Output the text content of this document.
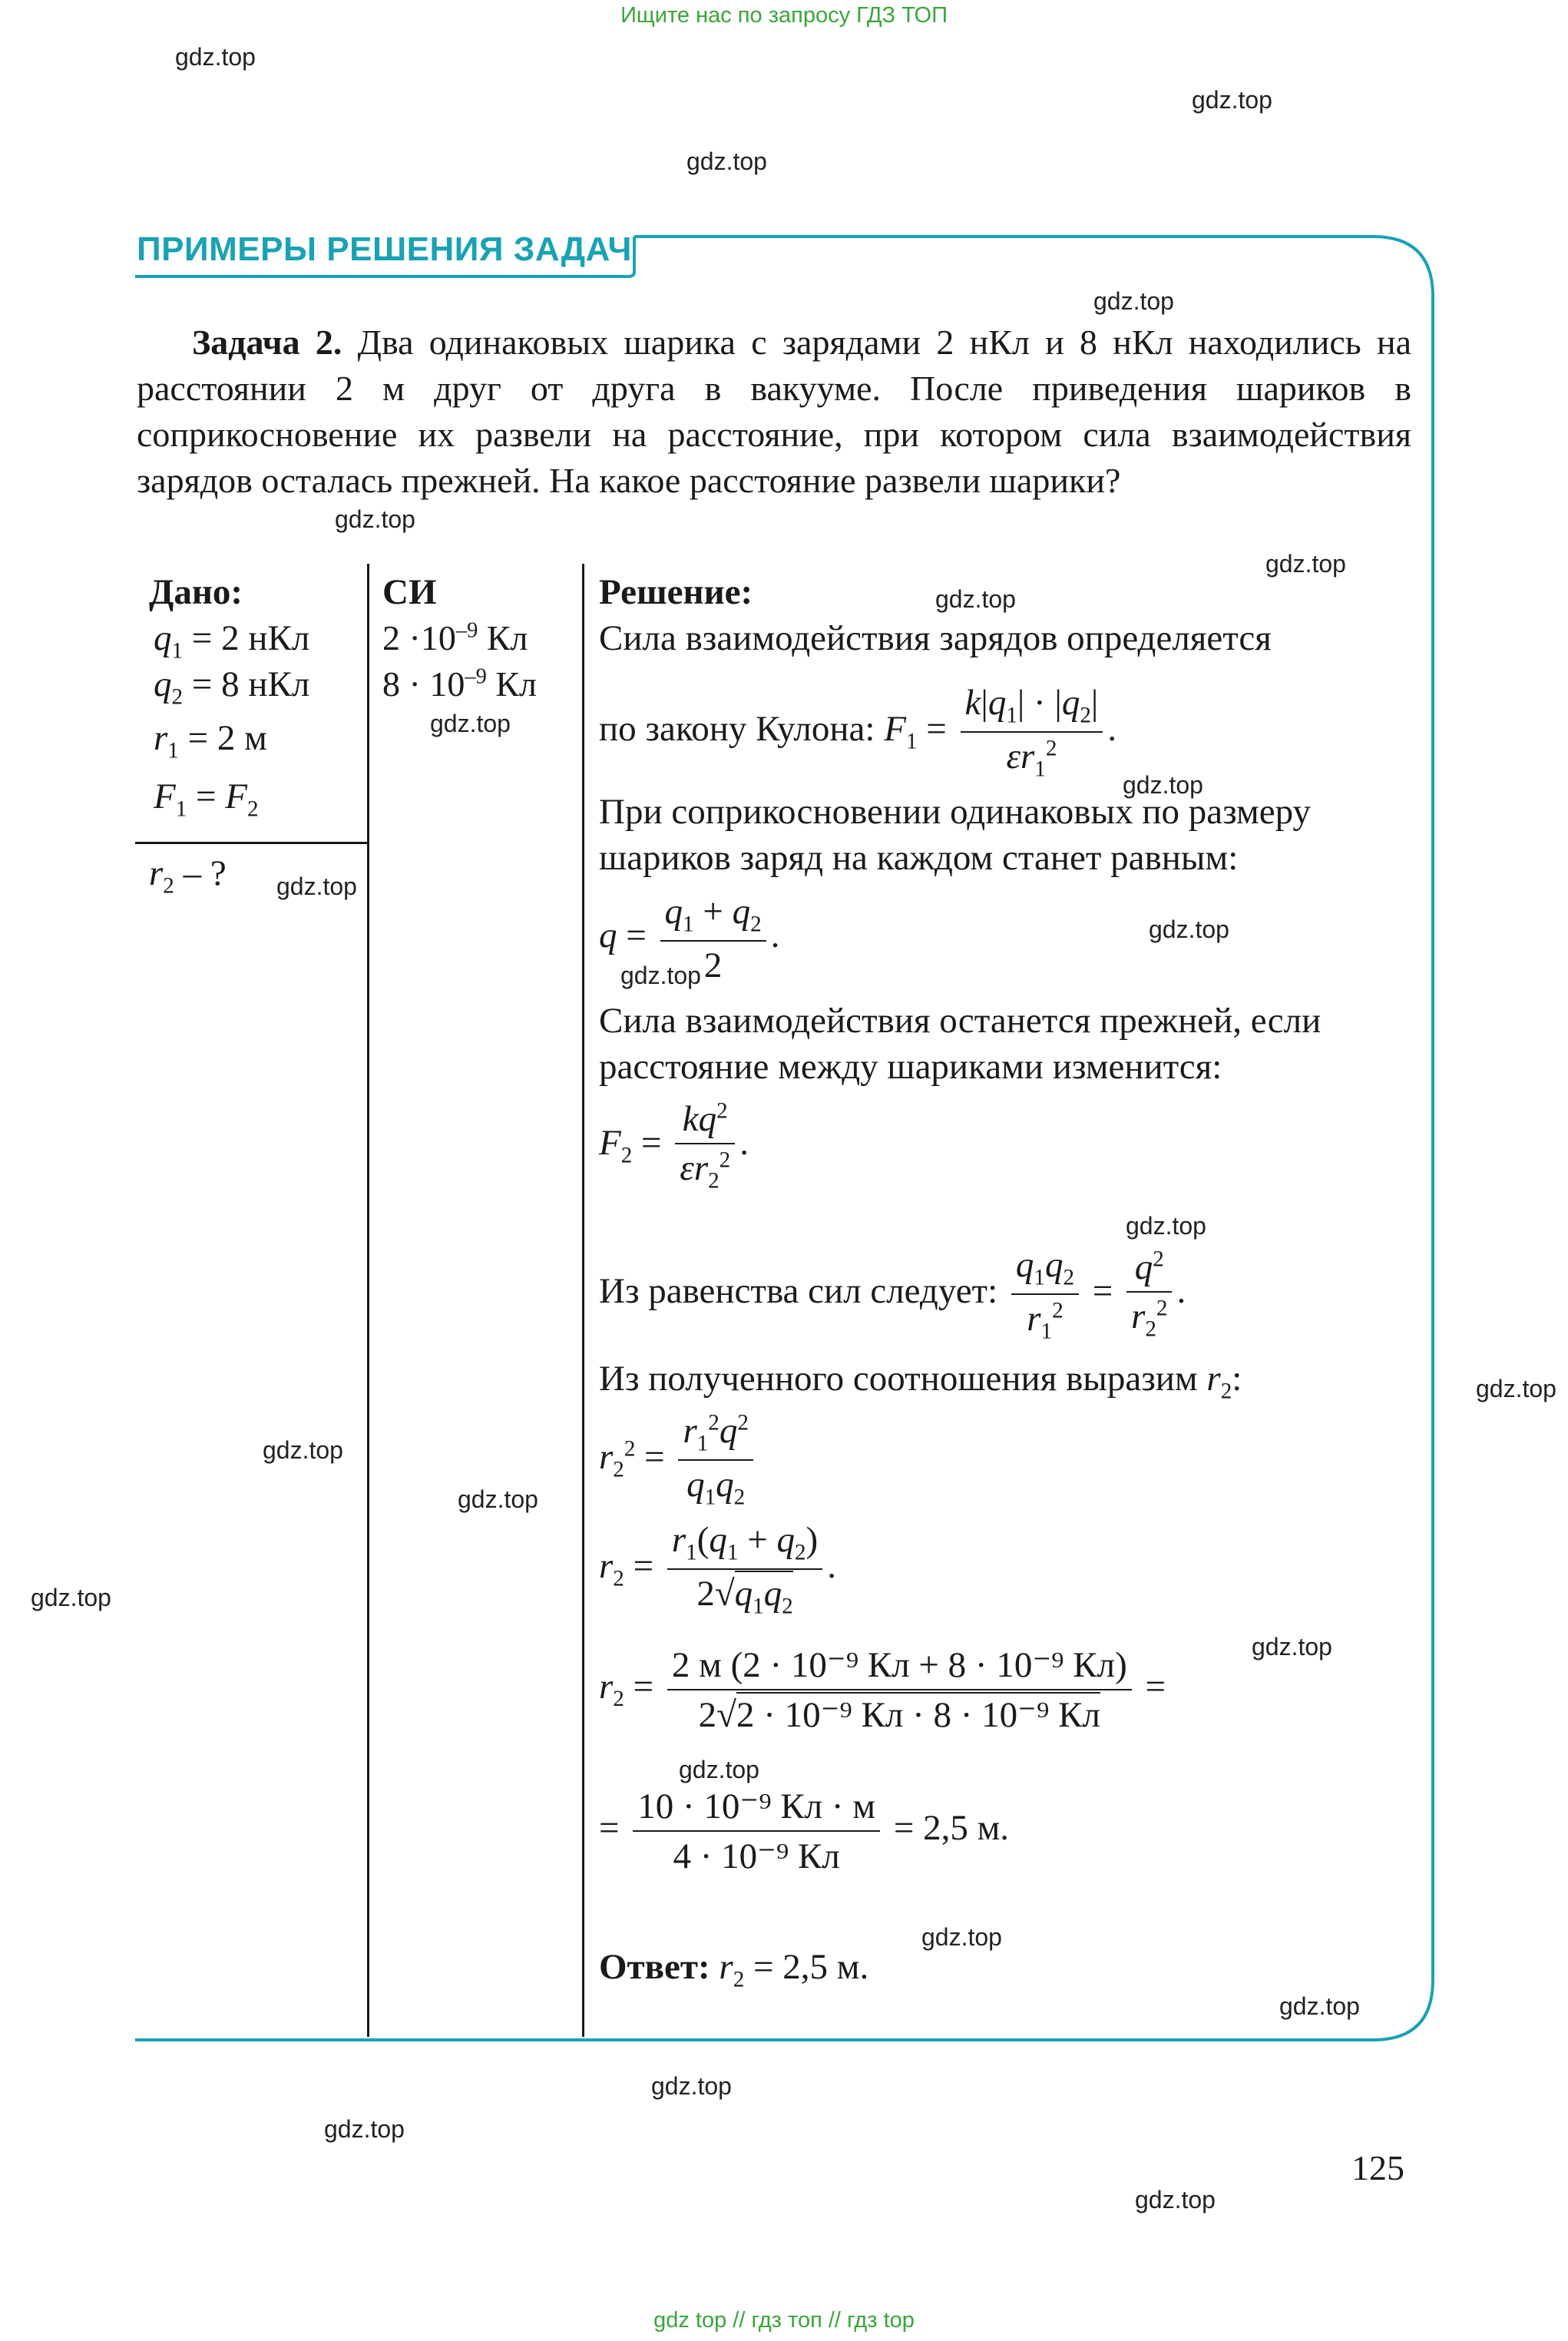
Ищите нас по запросу ГДЗ ТОП
gdz.top
gdz.top
gdz.top
gdz.top
gdz.top
gdz.top
gdz.top
gdz.top
gdz.top
gdz.top
gdz.top
gdz.top
gdz.top
gdz.top
gdz.top
gdz.top
gdz.top
gdz.top
gdz.top
gdz.top
gdz.top
gdz.top
gdz.top
gdz.top
ПРИМЕРЫ РЕШЕНИЯ ЗАДАЧ
Задача 2. Два одинаковых шарика с зарядами 2 нКл и 8 нКл находились на расстоянии 2 м друг от друга в вакууме. После приведения шариков в соприкосновение их развели на расстояние, при котором сила взаимодействия зарядов осталась прежней. На какое расстояние развели шарики?
Дано:	СИ	Решение:
$q_1 = 2$ нКл
$q_2 = 8$ нКл
$r_1 = 2$ м
$F_1 = F_2$
$r_2$ – ?
$2 \cdot 10^{-9}$ Кл
$8 \cdot 10^{-9}$ Кл
Сила взаимодействия зарядов определяется
по закону Кулона: $F_1 = \frac{k|q_1| \cdot |q_2|}{\varepsilon r_1^2}$ .
При соприкосновении одинаковых по размеру
шариков заряд на каждом станет равным:
$q = \frac{q_1 + q_2}{2}$ .
Сила взаимодействия останется прежней, если
расстояние между шариками изменится:
$F_2 = \frac{kq^2}{\varepsilon r_2^2}$ .
Из равенства сил следует: $\frac{q_1q_2}{r_1^2} = \frac{q^2}{r_2^2}$ .
Из полученного соотношения выразим $r_2$:
$r_2^2 = \frac{r_1^2q^2}{q_1q_2}$
$r_2 = \frac{r_1(q_1 + q_2)}{2√q_1q_2}$ .
$r_2 = \frac{\text{2 м (2 · 10⁻⁹ Кл + 8 · 10⁻⁹ Кл)}}{\text{2√2 · 10⁻⁹ Кл · 8 · 10⁻⁹ Кл}}$ =
= $\frac{\text{10 · 10⁻⁹ Кл · м}}{\text{4 · 10⁻⁹ Кл}} = 2,5$ м.
Ответ: $r_2 = 2,5$ м.
125
gdz top // гдз топ // гдз top
